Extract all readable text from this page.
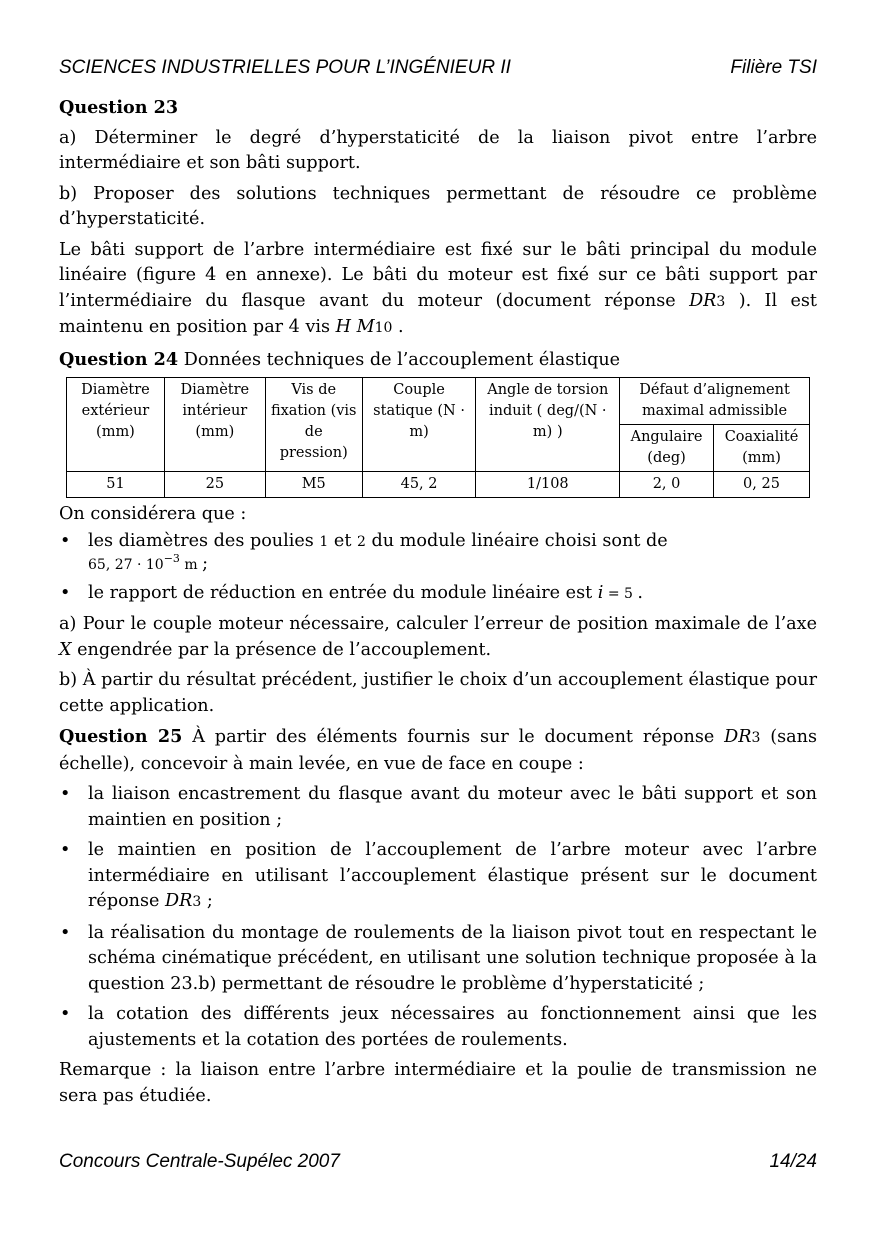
SCIENCES INDUSTRIELLES POUR L’INGÉNIEUR II	Filière TSI

Question 23

a) Déterminer le degré d’hyperstaticité de la liaison pivot entre l’arbre intermédiaire et son bâti support.

b) Proposer des solutions techniques permettant de résoudre ce problème d’hyperstaticité.

Le bâti support de l’arbre intermédiaire est fixé sur le bâti principal du module linéaire (figure 4 en annexe). Le bâti du moteur est fixé sur ce bâti support par l’intermédiaire du flasque avant du moteur (document réponse DR3 ). Il est maintenu en position par 4 vis H M10 .

Question 24 Données techniques de l’accouplement élastique

Diamètre extérieur (mm)	Diamètre intérieur (mm)	Vis de fixation (vis de pression)	Couple statique (N · m)	Angle de torsion induit ( deg/(N · m) )	Défaut d’alignement maximal admissible	
					Angulaire (deg)	Coaxialité (mm)
51	25	M5	45, 2	1/108	2, 0	0, 25

On considérera que :

• les diamètres des poulies 1 et 2 du module linéaire choisi sont de
65, $27 \cdot 10^{-3}$ m ;
• le rapport de réduction en entrée du module linéaire est i = 5 .

a) Pour le couple moteur nécessaire, calculer l’erreur de position maximale de l’axe X engendrée par la présence de l’accouplement.

b) À partir du résultat précédent, justifier le choix d’un accouplement élastique pour cette application.

Question 25 À partir des éléments fournis sur le document réponse DR3 (sans échelle), concevoir à main levée, en vue de face en coupe :

• la liaison encastrement du flasque avant du moteur avec le bâti support et son maintien en position ;
• le maintien en position de l’accouplement de l’arbre moteur avec l’arbre intermédiaire en utilisant l’accouplement élastique présent sur le document réponse DR3 ;
• la réalisation du montage de roulements de la liaison pivot tout en respectant le schéma cinématique précédent, en utilisant une solution technique proposée à la question 23.b) permettant de résoudre le problème d’hyperstaticité ;
• la cotation des différents jeux nécessaires au fonctionnement ainsi que les ajustements et la cotation des portées de roulements.

Remarque : la liaison entre l’arbre intermédiaire et la poulie de transmission ne sera pas étudiée.

Concours Centrale-Supélec 2007	14/24
